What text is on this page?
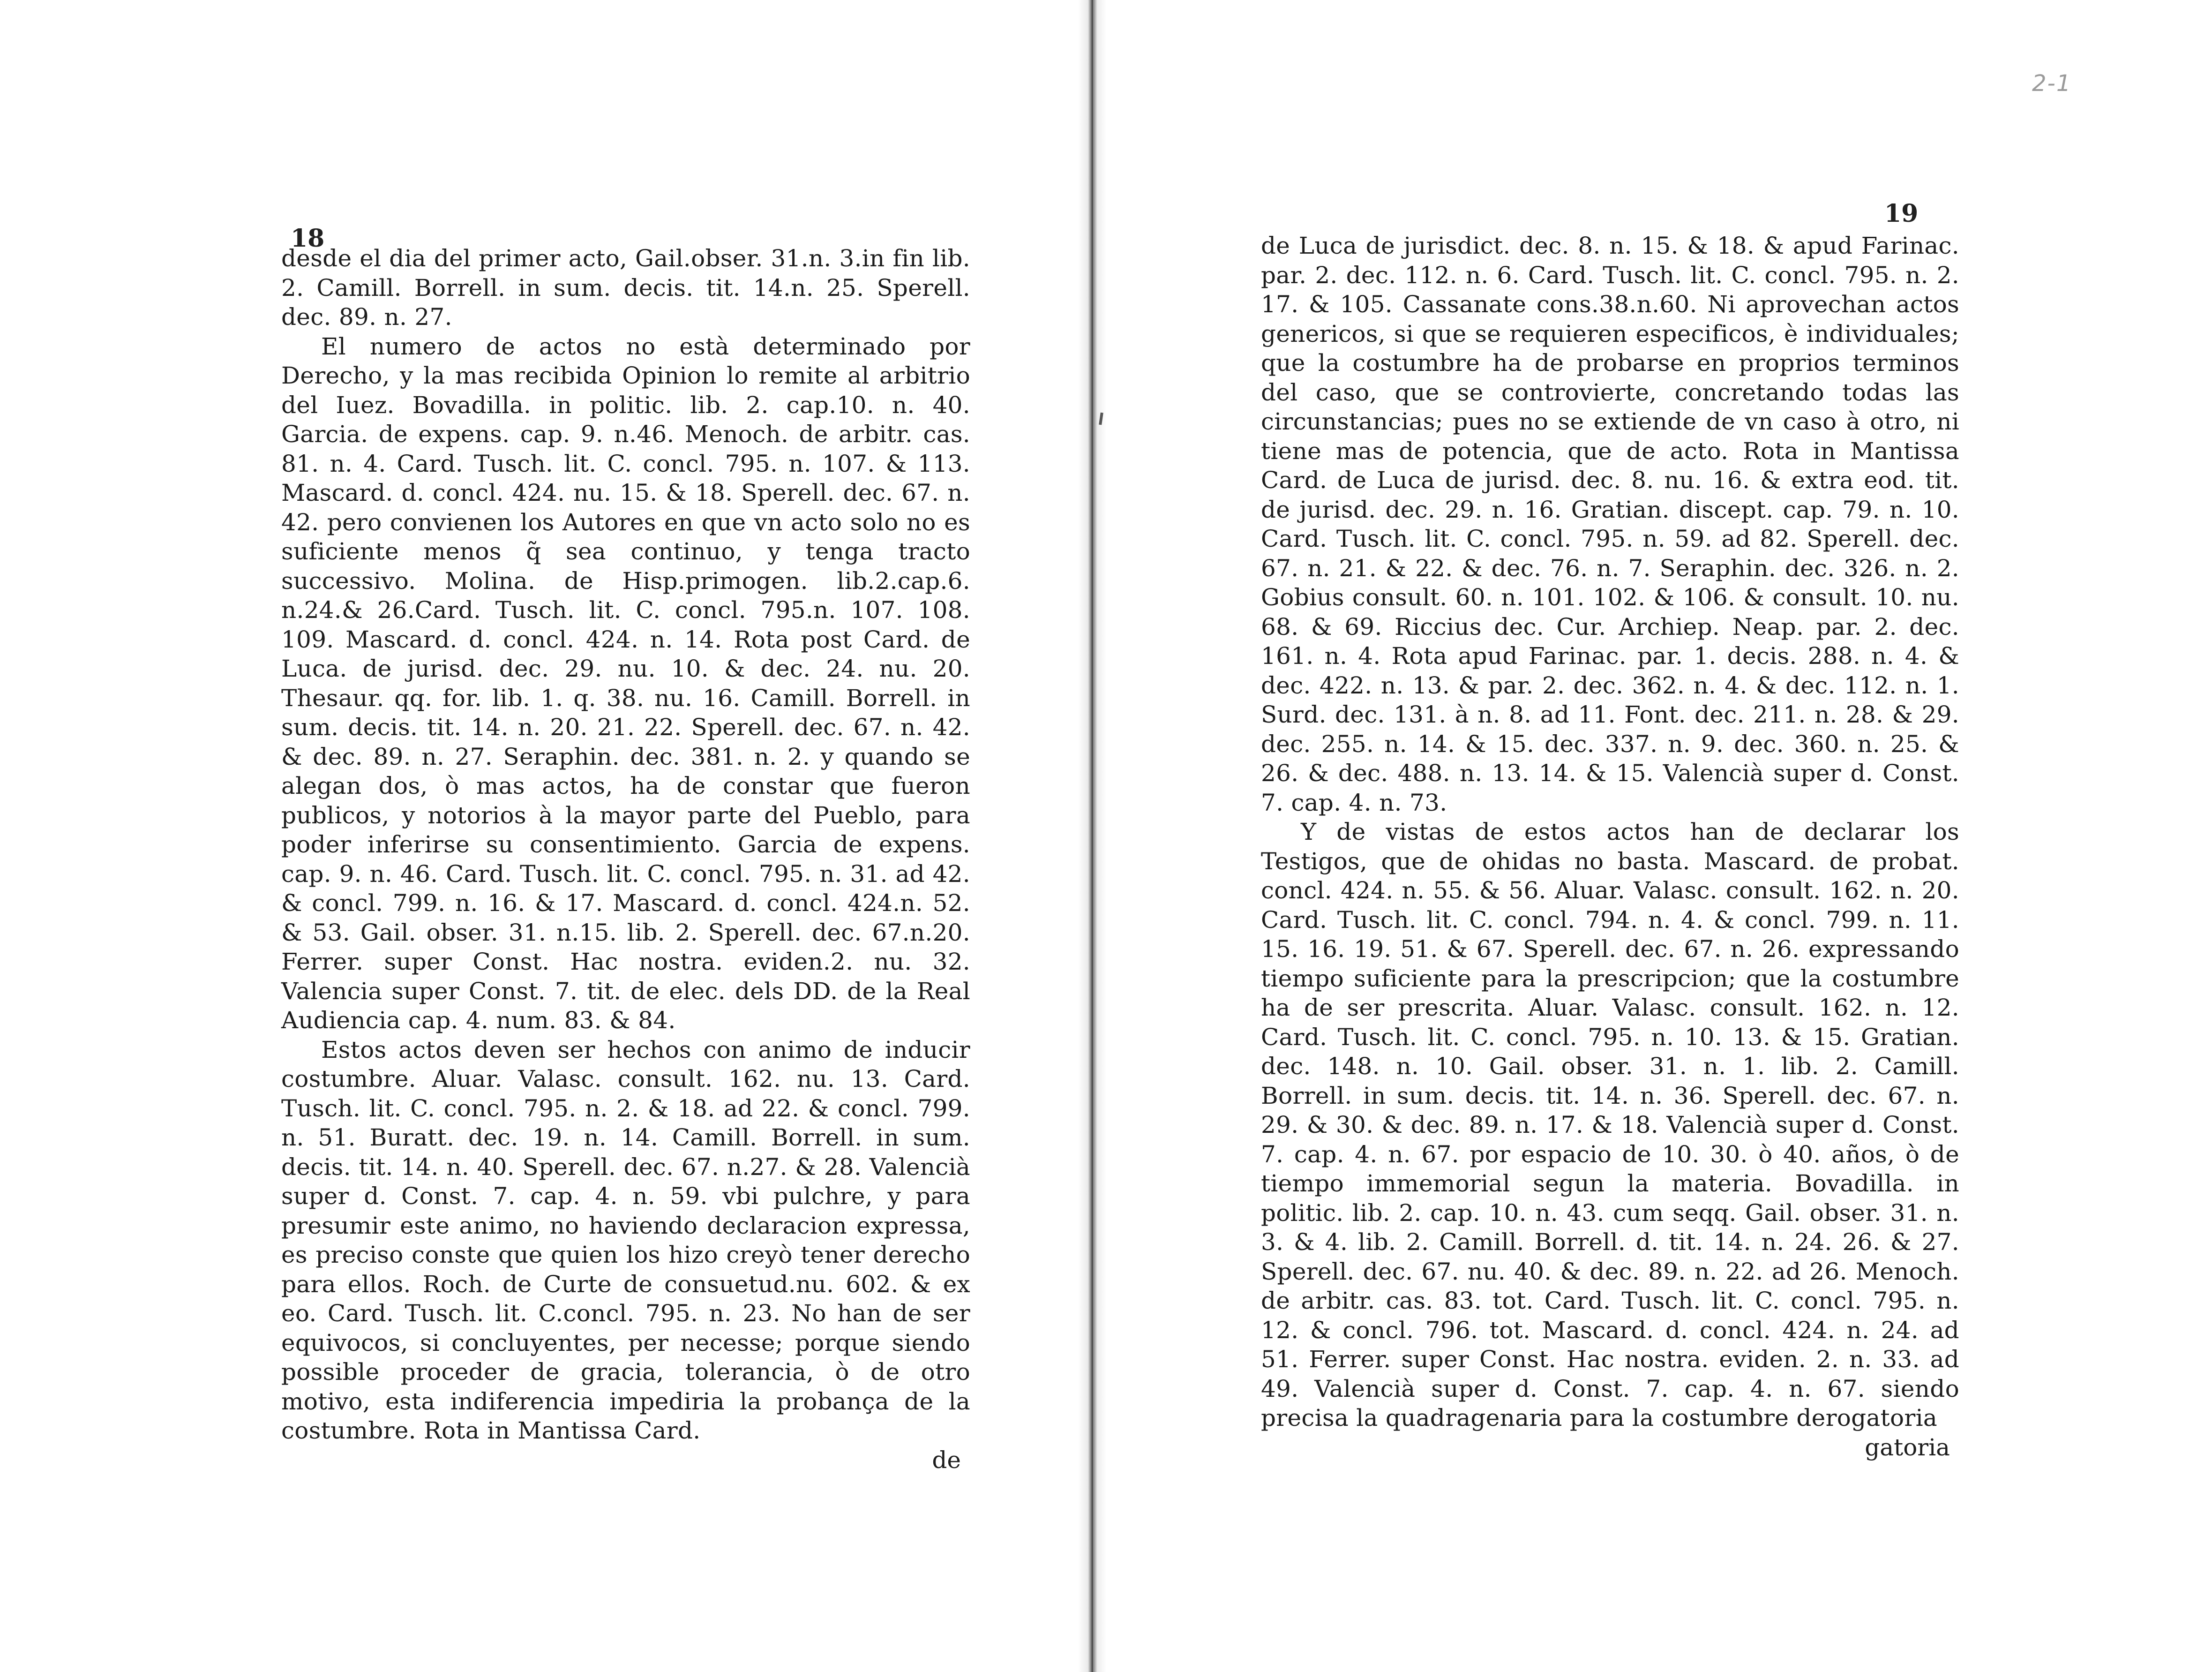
2-1
18

desde el dia del primer acto, Gail.obser. 31.n. 3.in fin lib. 2. Camill. Borrell. in sum. decis. tit. 14.n. 25. Sperell. dec. 89. n. 27.

El numero de actos no està determinado por Derecho, y la mas recibida Opinion lo remite al arbitrio del Iuez. Bovadilla. in politic. lib. 2. cap.10. n. 40. Garcia. de expens. cap. 9. n.46. Menoch. de arbitr. cas. 81. n. 4. Card. Tusch. lit. C. concl. 795. n. 107. & 113. Mascard. d. concl. 424. nu. 15. & 18. Sperell. dec. 67. n. 42. pero convienen los Autores en que vn acto solo no es suficiente menos q̃ sea continuo, y tenga tracto successivo. Molina. de Hisp.primogen. lib.2.cap.6. n.24.& 26.Card. Tusch. lit. C. concl. 795.n. 107. 108. 109. Mascard. d. concl. 424. n. 14. Rota post Card. de Luca. de jurisd. dec. 29. nu. 10. & dec. 24. nu. 20. Thesaur. qq. for. lib. 1. q. 38. nu. 16. Camill. Borrell. in sum. decis. tit. 14. n. 20. 21. 22. Sperell. dec. 67. n. 42. & dec. 89. n. 27. Seraphin. dec. 381. n. 2. y quando se alegan dos, ò mas actos, ha de constar que fueron publicos, y notorios à la mayor parte del Pueblo, para poder inferirse su consentimiento. Garcia de expens. cap. 9. n. 46. Card. Tusch. lit. C. concl. 795. n. 31. ad 42. & concl. 799. n. 16. & 17. Mascard. d. concl. 424.n. 52. & 53. Gail. obser. 31. n.15. lib. 2. Sperell. dec. 67.n.20. Ferrer. super Const. Hac nostra. eviden.2. nu. 32. Valencia super Const. 7. tit. de elec. dels DD. de la Real Audiencia cap. 4. num. 83. & 84.

Estos actos deven ser hechos con animo de inducir costumbre. Aluar. Valasc. consult. 162. nu. 13. Card. Tusch. lit. C. concl. 795. n. 2. & 18. ad 22. & concl. 799. n. 51. Buratt. dec. 19. n. 14. Camill. Borrell. in sum. decis. tit. 14. n. 40. Sperell. dec. 67. n.27. & 28. Valencià super d. Const. 7. cap. 4. n. 59. vbi pulchre, y para presumir este animo, no haviendo declaracion expressa, es preciso conste que quien los hizo creyò tener derecho para ellos. Roch. de Curte de consuetud.nu. 602. & ex eo. Card. Tusch. lit. C.concl. 795. n. 23. No han de ser equivocos, si concluyentes, per necesse; porque siendo possible proceder de gracia, tolerancia, ò de otro motivo, esta indiferencia impediria la probança de la costumbre. Rota in Mantissa Card.

de

19

de Luca de jurisdict. dec. 8. n. 15. & 18. & apud Farinac. par. 2. dec. 112. n. 6. Card. Tusch. lit. C. concl. 795. n. 2. 17. & 105. Cassanate cons.38.n.60. Ni aprovechan actos genericos, si que se requieren especificos, è individuales; que la costumbre ha de probarse en proprios terminos del caso, que se controvierte, concretando todas las circunstancias; pues no se extiende de vn caso à otro, ni tiene mas de potencia, que de acto. Rota in Mantissa Card. de Luca de jurisd. dec. 8. nu. 16. & extra eod. tit. de jurisd. dec. 29. n. 16. Gratian. discept. cap. 79. n. 10. Card. Tusch. lit. C. concl. 795. n. 59. ad 82. Sperell. dec. 67. n. 21. & 22. & dec. 76. n. 7. Seraphin. dec. 326. n. 2. Gobius consult. 60. n. 101. 102. & 106. & consult. 10. nu. 68. & 69. Riccius dec. Cur. Archiep. Neap. par. 2. dec. 161. n. 4. Rota apud Farinac. par. 1. decis. 288. n. 4. & dec. 422. n. 13. & par. 2. dec. 362. n. 4. & dec. 112. n. 1. Surd. dec. 131. à n. 8. ad 11. Font. dec. 211. n. 28. & 29. dec. 255. n. 14. & 15. dec. 337. n. 9. dec. 360. n. 25. & 26. & dec. 488. n. 13. 14. & 15. Valencià super d. Const. 7. cap. 4. n. 73.

Y de vistas de estos actos han de declarar los Testigos, que de ohidas no basta. Mascard. de probat. concl. 424. n. 55. & 56. Aluar. Valasc. consult. 162. n. 20. Card. Tusch. lit. C. concl. 794. n. 4. & concl. 799. n. 11. 15. 16. 19. 51. & 67. Sperell. dec. 67. n. 26. expressando tiempo suficiente para la prescripcion; que la costumbre ha de ser prescrita. Aluar. Valasc. consult. 162. n. 12. Card. Tusch. lit. C. concl. 795. n. 10. 13. & 15. Gratian. dec. 148. n. 10. Gail. obser. 31. n. 1. lib. 2. Camill. Borrell. in sum. decis. tit. 14. n. 36. Sperell. dec. 67. n. 29. & 30. & dec. 89. n. 17. & 18. Valencià super d. Const. 7. cap. 4. n. 67. por espacio de 10. 30. ò 40. años, ò de tiempo immemorial segun la materia. Bovadilla. in politic. lib. 2. cap. 10. n. 43. cum seqq. Gail. obser. 31. n. 3. & 4. lib. 2. Camill. Borrell. d. tit. 14. n. 24. 26. & 27. Sperell. dec. 67. nu. 40. & dec. 89. n. 22. ad 26. Menoch. de arbitr. cas. 83. tot. Card. Tusch. lit. C. concl. 795. n. 12. & concl. 796. tot. Mascard. d. concl. 424. n. 24. ad 51. Ferrer. super Const. Hac nostra. eviden. 2. n. 33. ad 49. Valencià super d. Const. 7. cap. 4. n. 67. siendo precisa la quadragenaria para la costumbre derogatoria

gatoria
